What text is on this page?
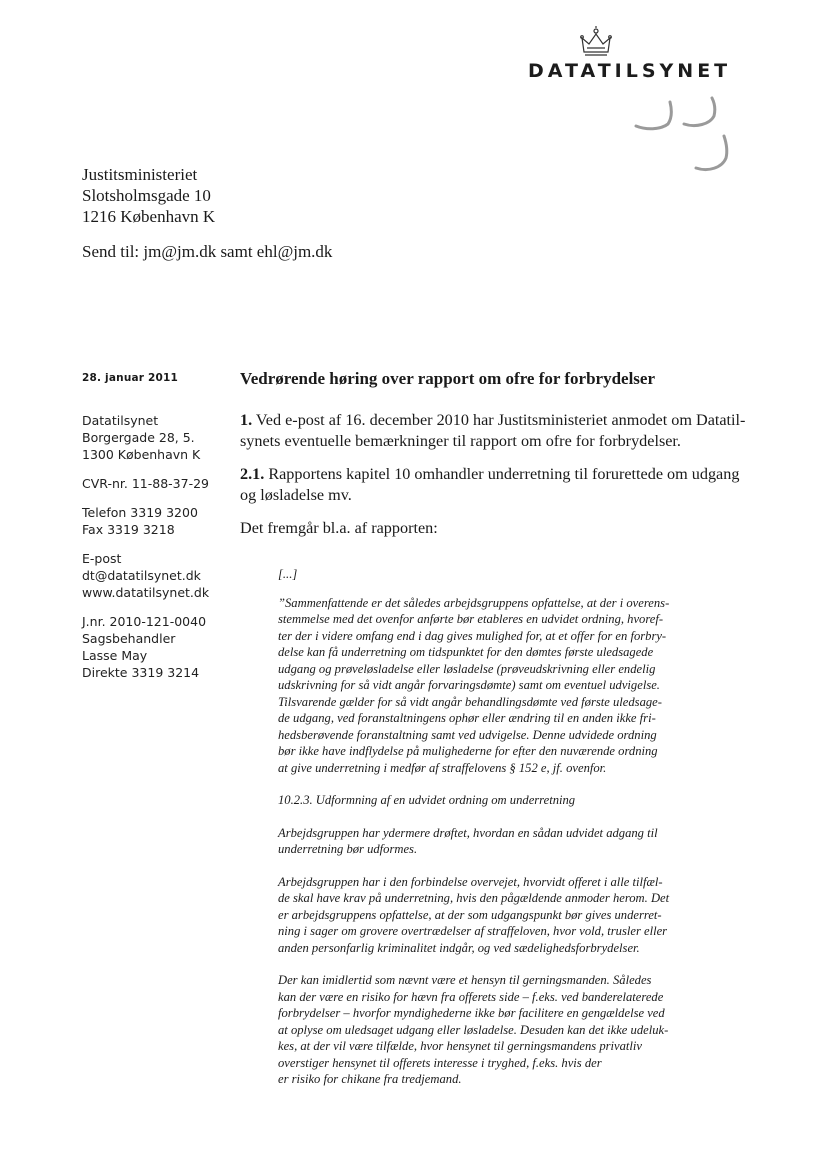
DATATILSYNET
Justitsministeriet
Slotsholmsgade 10
1216 København K
Send til: jm@jm.dk samt ehl@jm.dk
28. januar 2011
Datatilsynet
Borgergade 28, 5.
1300 København K
CVR-nr. 11-88-37-29
Telefon 3319 3200
Fax 3319 3218
E-post
dt@datatilsynet.dk
www.datatilsynet.dk
J.nr. 2010-121-0040
Sagsbehandler
Lasse May
Direkte 3319 3214
Vedrørende høring over rapport om ofre for forbrydelser

1. Ved e-post af 16. december 2010 har Justitsministeriet anmodet om Datatil-
synets eventuelle bemærkninger til rapport om ofre for forbrydelser.

2.1. Rapportens kapitel 10 omhandler underretning til forurettede om udgang
og løsladelse mv.

Det fremgår bl.a. af rapporten:

[...]

”Sammenfattende er det således arbejdsgruppens opfattelse, at der i overens-
stemmelse med det ovenfor anførte bør etableres en udvidet ordning, hvoref-
ter der i videre omfang end i dag gives mulighed for, at et offer for en forbry-
delse kan få underretning om tidspunktet for den dømtes første uledsagede
udgang og prøveløsladelse eller løsladelse (prøveudskrivning eller endelig
udskrivning for så vidt angår forvaringsdømte) samt om eventuel udvigelse.
Tilsvarende gælder for så vidt angår behandlingsdømte ved første uledsage-
de udgang, ved foranstaltningens ophør eller ændring til en anden ikke fri-
hedsberøvende foranstaltning samt ved udvigelse. Denne udvidede ordning
bør ikke have indflydelse på mulighederne for efter den nuværende ordning
at give underretning i medfør af straffelovens § 152 e, jf. ovenfor.

10.2.3. Udformning af en udvidet ordning om underretning

Arbejdsgruppen har ydermere drøftet, hvordan en sådan udvidet adgang til
underretning bør udformes.

Arbejdsgruppen har i den forbindelse overvejet, hvorvidt offeret i alle tilfæl-
de skal have krav på underretning, hvis den pågældende anmoder herom. Det
er arbejdsgruppens opfattelse, at der som udgangspunkt bør gives underret-
ning i sager om grovere overtrædelser af straffeloven, hvor vold, trusler eller
anden personfarlig kriminalitet indgår, og ved sædelighedsforbrydelser.

Der kan imidlertid som nævnt være et hensyn til gerningsmanden. Således
kan der være en risiko for hævn fra offerets side – f.eks. ved banderelaterede
forbrydelser – hvorfor myndighederne ikke bør facilitere en gengældelse ved
at oplyse om uledsaget udgang eller løsladelse. Desuden kan det ikke udeluk-
kes, at der vil være tilfælde, hvor hensynet til gerningsmandens privatliv
overstiger hensynet til offerets interesse i tryghed, f.eks. hvis der
er risiko for chikane fra tredjemand.
